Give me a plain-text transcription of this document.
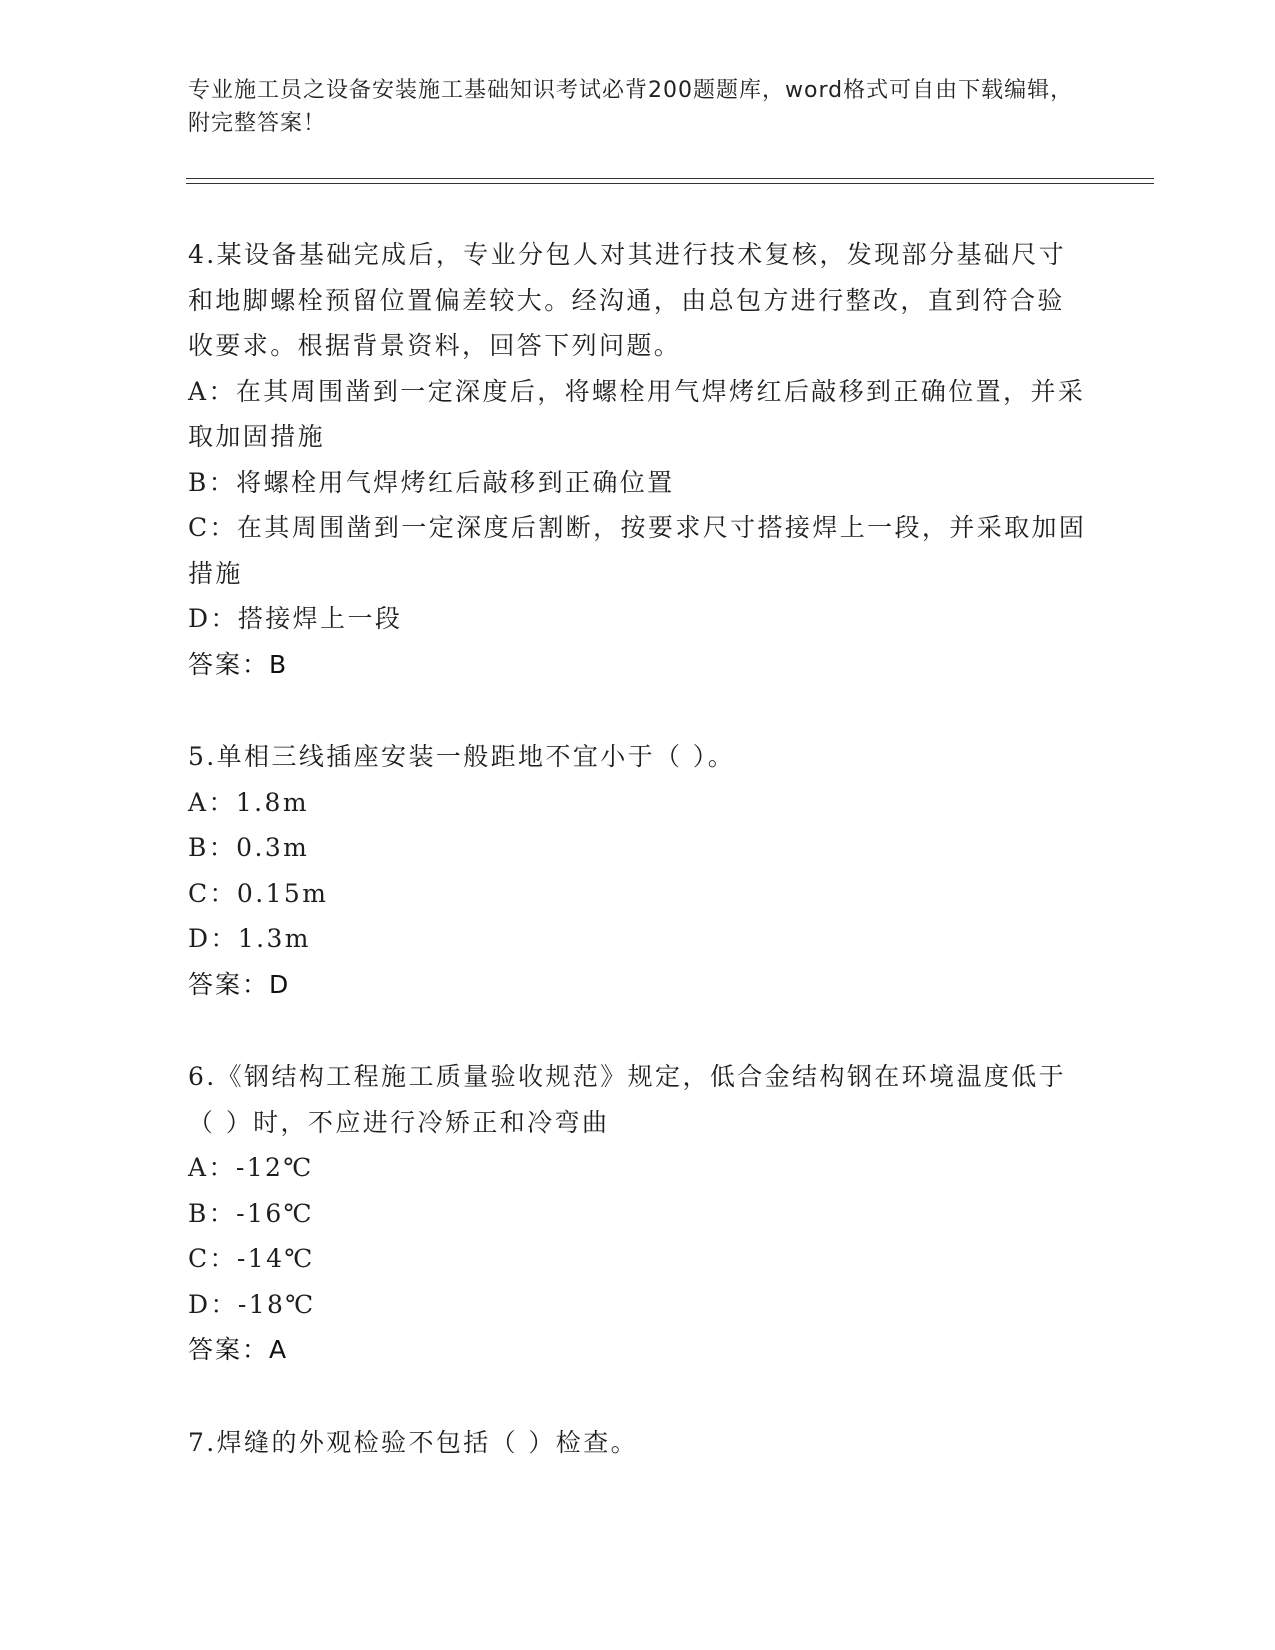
专业施工员之设备安装施工基础知识考试必背200题题库，word格式可自由下载编辑，附完整答案！

4.某设备基础完成后，专业分包人对其进行技术复核，发现部分基础尺寸和地脚螺栓预留位置偏差较大。经沟通，由总包方进行整改，直到符合验收要求。根据背景资料，回答下列问题。

A：在其周围凿到一定深度后，将螺栓用气焊烤红后敲移到正确位置，并采取加固措施

B：将螺栓用气焊烤红后敲移到正确位置

C：在其周围凿到一定深度后割断，按要求尺寸搭接焊上一段，并采取加固措施

D：搭接焊上一段

答案：B

5.单相三线插座安装一般距地不宜小于（ ）。

A：1.8m

B：0.3m

C：0.15m

D：1.3m

答案：D

6.《钢结构工程施工质量验收规范》规定，低合金结构钢在环境温度低于（ ）时，不应进行冷矫正和冷弯曲

A：-12℃

B：-16℃

C：-14℃

D：-18℃

答案：A

7.焊缝的外观检验不包括（ ）检查。
